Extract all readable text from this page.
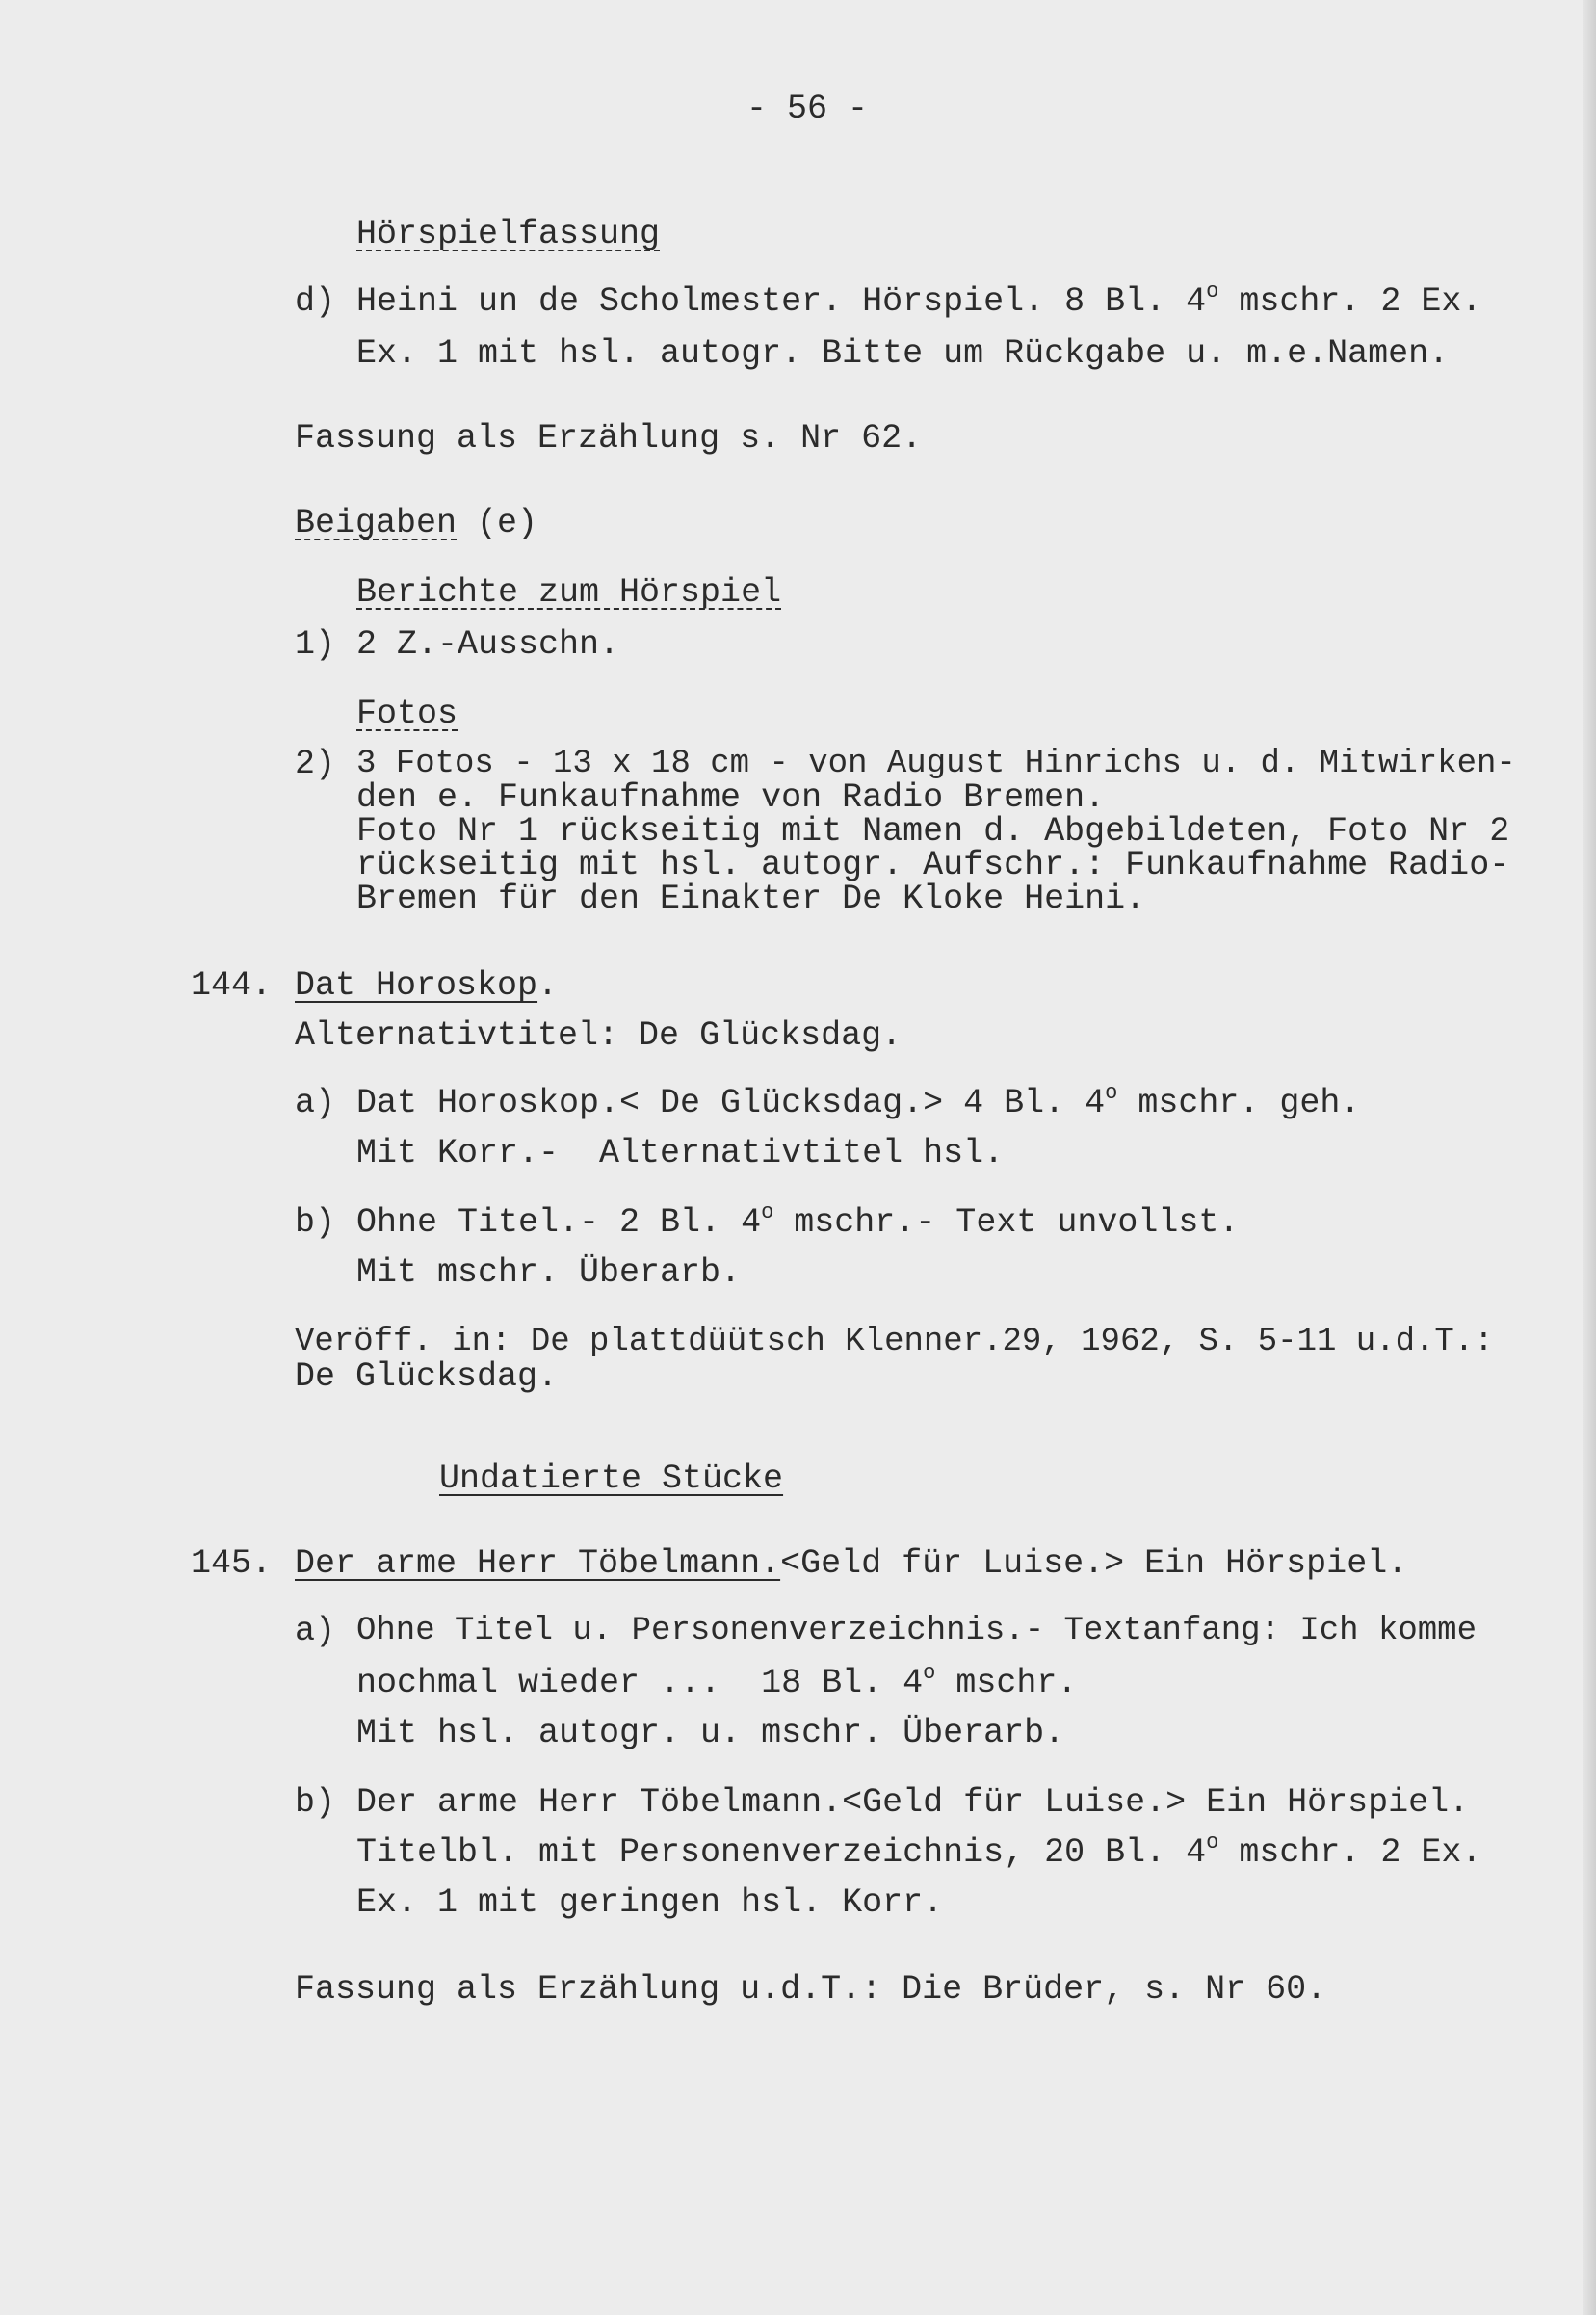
- 56 -
Hörspielfassung
d) Heini un de Scholmester. Hörspiel. 8 Bl. 4$^o$ mschr. 2 Ex.
Ex. 1 mit hsl. autogr. Bitte um Rückgabe u. m.e.Namen.
Fassung als Erzählung s. Nr 62.
Beigaben (e)
Berichte zum Hörspiel
1) 2 Z.-Ausschn.
Fotos
2) 3 Fotos - 13 x 18 cm - von August Hinrichs u. d. Mitwirken-
den e. Funkaufnahme von Radio Bremen.
Foto Nr 1 rückseitig mit Namen d. Abgebildeten, Foto Nr 2
rückseitig mit hsl. autogr. Aufschr.: Funkaufnahme Radio-
Bremen für den Einakter De Kloke Heini.
144. Dat Horoskop.
Alternativtitel: De Glücksdag.
a) Dat Horoskop.< De Glücksdag.> 4 Bl. 4$^o$ mschr. geh.
Mit Korr.-  Alternativtitel hsl.
b) Ohne Titel.- 2 Bl. 4$^o$ mschr.- Text unvollst.
Mit mschr. Überarb.
Veröff. in: De plattdüütsch Klenner.29, 1962, S. 5-11 u.d.T.:
De Glücksdag.
Undatierte Stücke
145. Der arme Herr Töbelmann.<Geld für Luise.> Ein Hörspiel.
a) Ohne Titel u. Personenverzeichnis.- Textanfang: Ich komme
nochmal wieder ...  18 Bl. 4$^o$ mschr.
Mit hsl. autogr. u. mschr. Überarb.
b) Der arme Herr Töbelmann.<Geld für Luise.> Ein Hörspiel.
Titelbl. mit Personenverzeichnis, 20 Bl. 4$^o$ mschr. 2 Ex.
Ex. 1 mit geringen hsl. Korr.
Fassung als Erzählung u.d.T.: Die Brüder, s. Nr 60.
